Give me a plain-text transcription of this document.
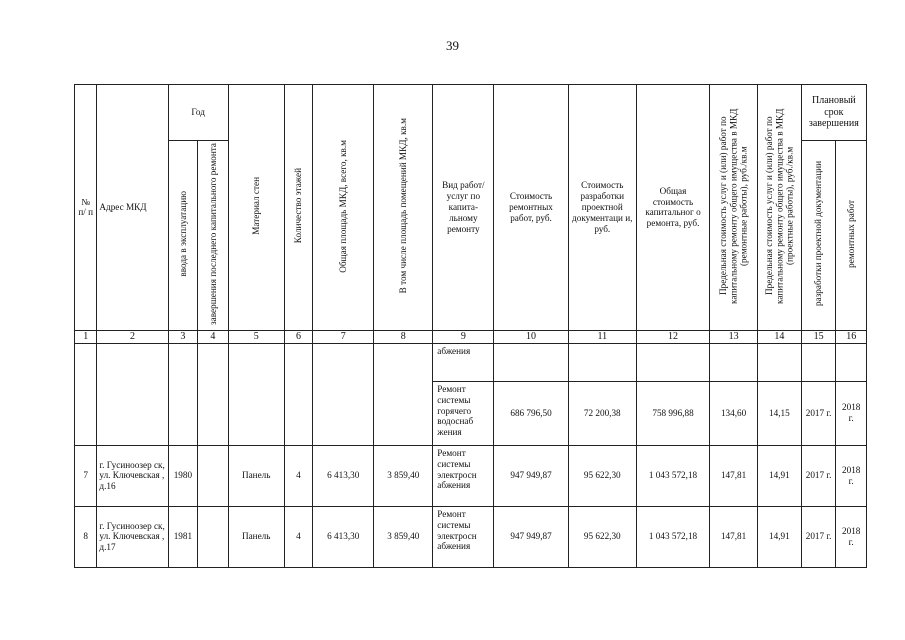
39
№ п/ п	Адрес МКД	Год		Материал стен	Количество этажей	Общая площадь МКД, всего, кв.м	В том числе площадь помещений МКД, кв.м	Вид работ/ услуг по капита- льному ремонту	Стоимость ремонтных работ, руб.	Стоимость разработки проектной документаци и, руб.	Общая стоимость капитальног о ремонта, руб.	Предельная стоимость услуг и (или) работ по капитальному ремонту общего имущества в МКД (ремонтные работы), руб./кв.м	Предельная стоимость услуг и (или) работ по капитальному ремонту общего имущества в МКД (проектные работы), руб./кв.м	Плановый срок завершения	
		ввода в эксплуатацию	завершения последнего капитального ремонта											разработки проектной документации	ремонтных работ
1	2	3	4	5	6	7	8	9	10	11	12	13	14	15	16
								абжения							
								Ремонт системы горячего водоснаб жения	686 796,50	72 200,38	758 996,88	134,60	14,15	2017 г.	2018 г.
7	г. Гусиноозер ск, ул. Ключевская , д.16	1980		Панель	4	6 413,30	3 859,40	Ремонт системы электросн абжения	947 949,87	95 622,30	1 043 572,18	147,81	14,91	2017 г.	2018 г.
8	г. Гусиноозер ск, ул. Ключевская , д.17	1981		Панель	4	6 413,30	3 859,40	Ремонт системы электросн абжения	947 949,87	95 622,30	1 043 572,18	147,81	14,91	2017 г.	2018 г.
